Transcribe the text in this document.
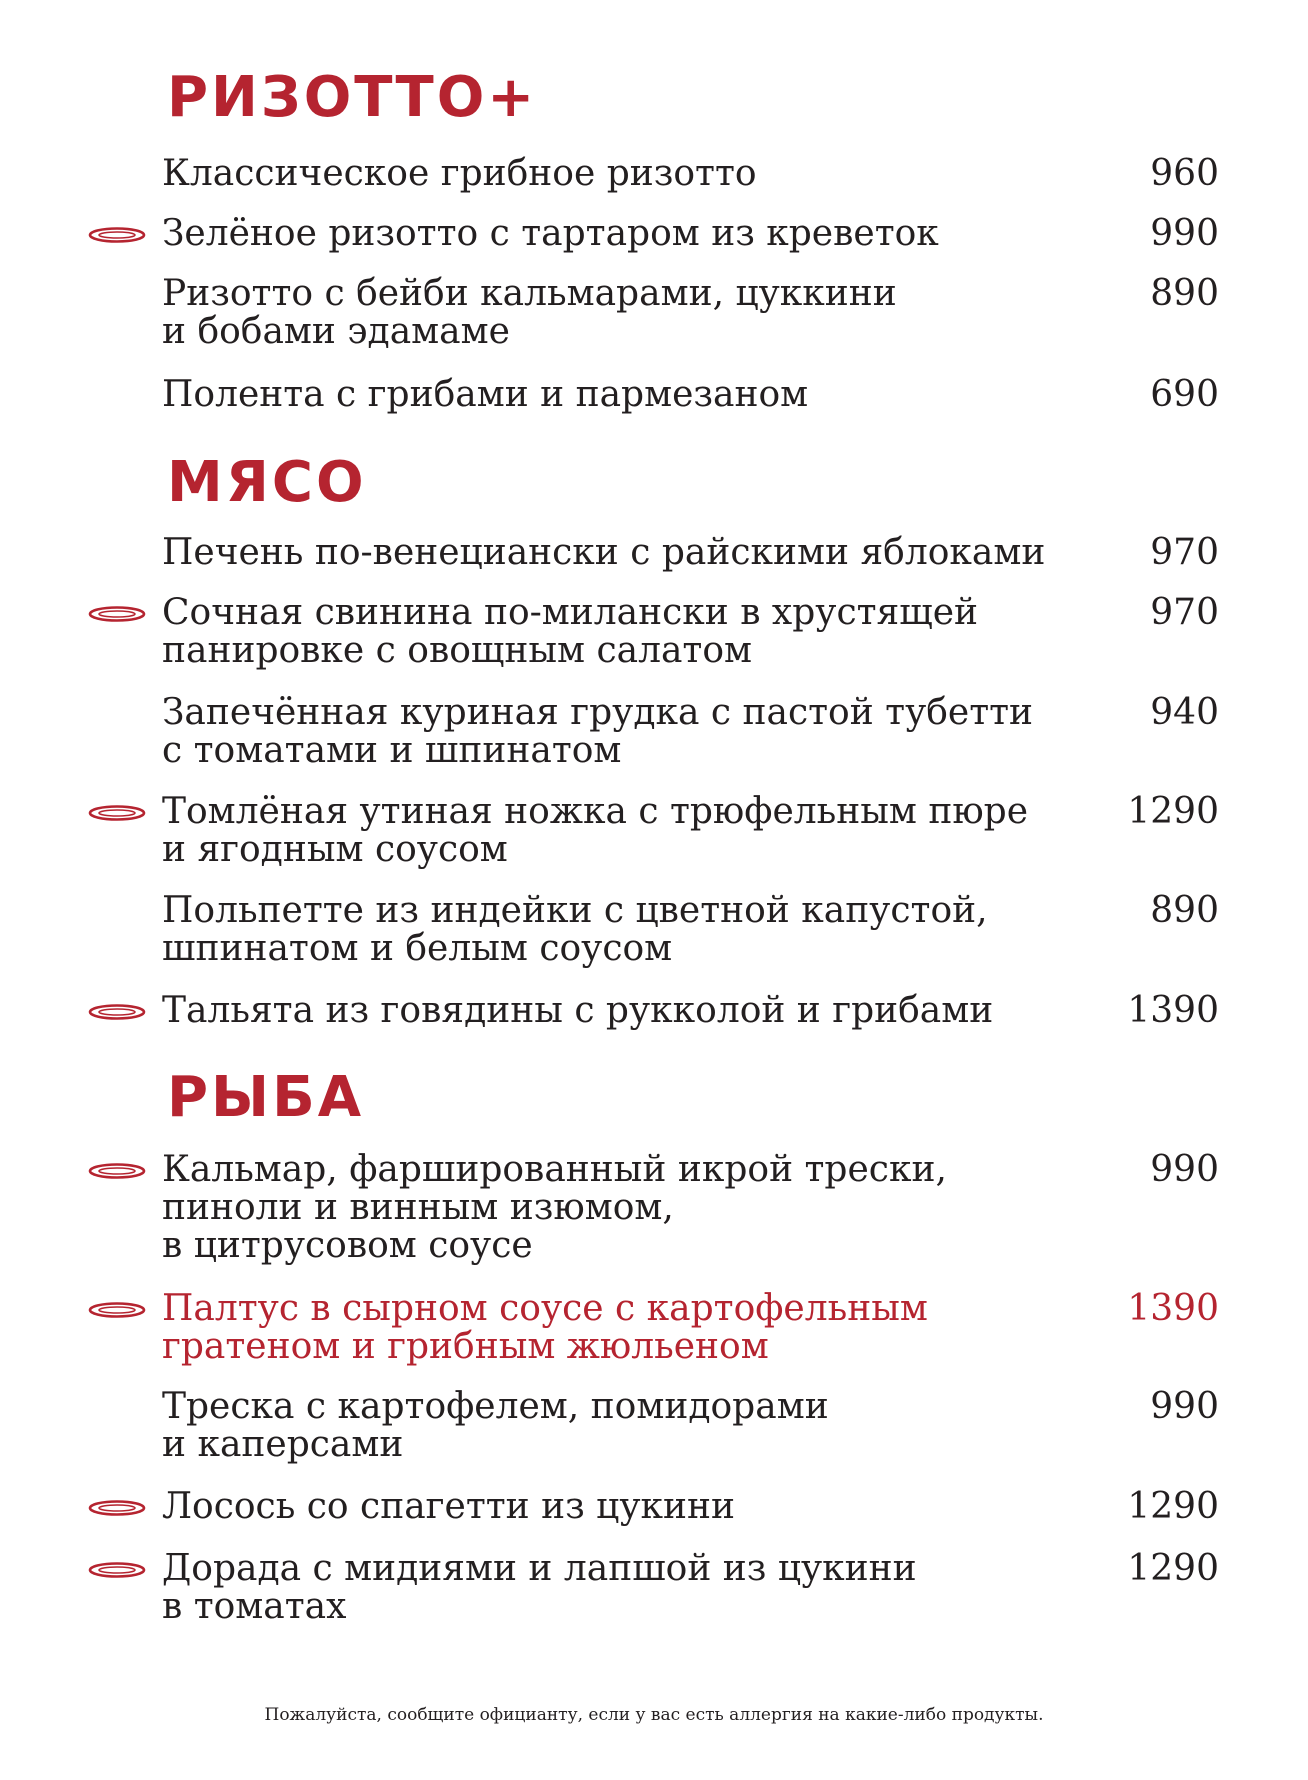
РИЗОТТО+
МЯСО
РЫБА
Классическое грибное ризотто	960
Зелёное ризотто с тартаром из креветок	990
Ризотто с бейби кальмарами, цуккини
и бобами эдамаме
890
Полента с грибами и пармезаном	690
Печень по-венециански с райскими яблоками	970
Сочная свинина по-милански в хрустящей
панировке с овощным салатом
970
Запечённая куриная грудка с пастой тубетти
с томатами и шпинатом
940
Томлёная утиная ножка с трюфельным пюре
и ягодным соусом
1290
Польпетте из индейки с цветной капустой,
шпинатом и белым соусом
890
Тальята из говядины с рукколой и грибами	1390
Кальмар, фаршированный икрой трески,
пиноли и винным изюмом,
в цитрусовом соусе
990
Палтус в сырном соусе с картофельным
гратеном и грибным жюльеном
1390
Треска с картофелем, помидорами
и каперсами
990
Лосось со спагетти из цукини	1290
Дорада с мидиями и лапшой из цукини
в томатах
1290
Пожалуйста, сообщите официанту, если у вас есть аллергия на какие-либо продукты.
